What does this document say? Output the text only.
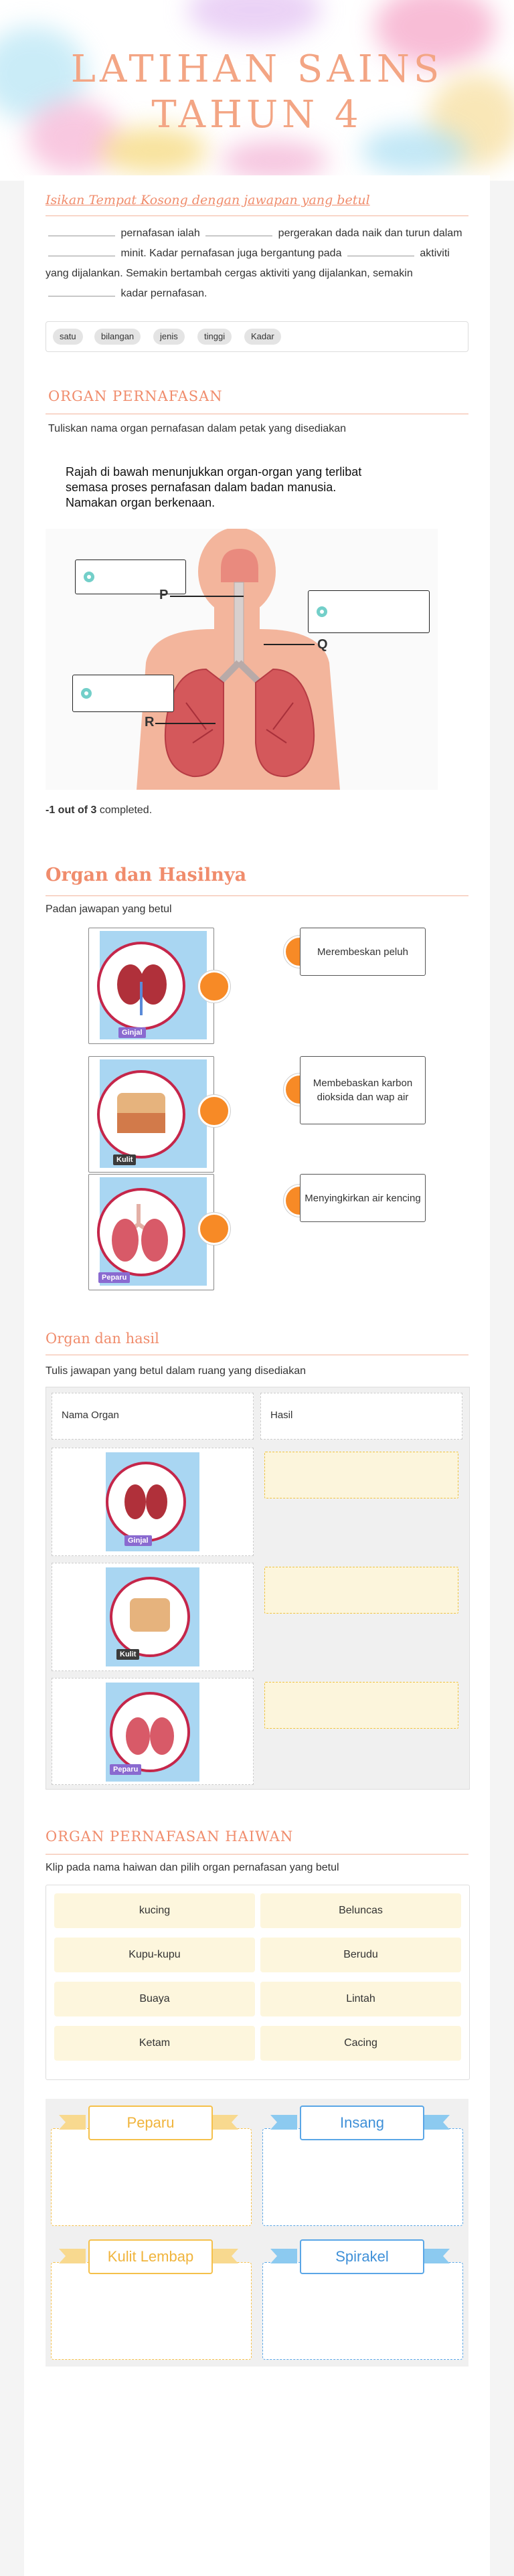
LATIHAN SAINS
TAHUN 4
Isikan Tempat Kosong dengan jawapan yang betul
pernafasan ialah	pergerakan dada naik dan turun dalam  minit. Kadar pernafasan juga bergantung pada	aktiviti yang dijalankan. Semakin bertambah cergas aktiviti yang dijalankan, semakin  kadar pernafasan.
satu	bilangan	jenis	tinggi	Kadar
ORGAN PERNAFASAN
Tuliskan nama organ pernafasan dalam petak yang disediakan
Rajah di bawah menunjukkan organ-organ yang terlibat
semasa proses pernafasan dalam badan manusia.
Namakan organ berkenaan.
P
Q
R
-1 out of 3 completed.
Organ dan Hasilnya
Padan jawapan yang betul
Ginjal
Kulit
Peparu
Merembeskan peluh
Membebaskan karbon dioksida dan wap air
Menyingkirkan air kencing
Organ dan hasil
Tulis jawapan yang betul dalam ruang yang disediakan
Nama Organ	Hasil
Ginjal
Kulit
Peparu
ORGAN PERNAFASAN HAIWAN
Klip pada nama haiwan dan pilih organ pernafasan yang betul
kucing	Beluncas
Kupu-kupu	Berudu
Buaya	Lintah
Ketam	Cacing
Peparu	Insang
Kulit Lembap	Spirakel
